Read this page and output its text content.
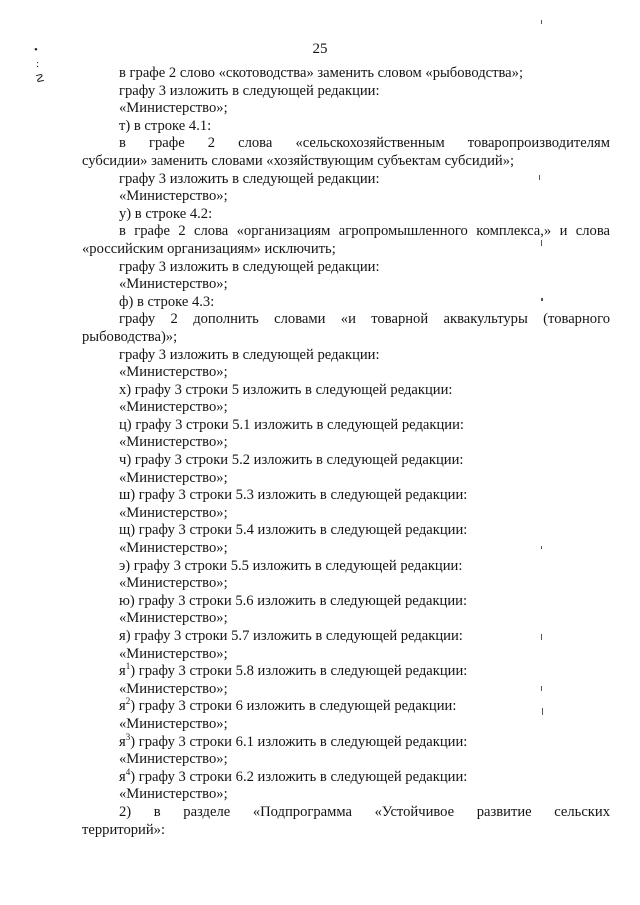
25
•
:
☡	в графе 2 слово «скотоводства» заменить словом «рыбоводства»;
графу 3 изложить в следующей редакции:
«Министерство»;
т) в строке 4.1:
в графе 2 слова «сельскохозяйственным товаропроизводителям
субсидии» заменить словами «хозяйствующим субъектам субсидий»;
графу 3 изложить в следующей редакции:
«Министерство»;
у) в строке 4.2:
в графе 2 слова «организациям агропромышленного комплекса,» и слова
«российским организациям» исключить;
графу 3 изложить в следующей редакции:
«Министерство»;
ф) в строке 4.3:
графу 2 дополнить словами «и товарной аквакультуры (товарного
рыбоводства)»;
графу 3 изложить в следующей редакции:
«Министерство»;
х) графу 3 строки 5 изложить в следующей редакции:
«Министерство»;
ц) графу 3 строки 5.1 изложить в следующей редакции:
«Министерство»;
ч) графу 3 строки 5.2 изложить в следующей редакции:
«Министерство»;
ш) графу 3 строки 5.3 изложить в следующей редакции:
«Министерство»;
щ) графу 3 строки 5.4 изложить в следующей редакции:
«Министерство»;
э) графу 3 строки 5.5 изложить в следующей редакции:
«Министерство»;
ю) графу 3 строки 5.6 изложить в следующей редакции:
«Министерство»;
я) графу 3 строки 5.7 изложить в следующей редакции:
«Министерство»;
$я^1$) графу 3 строки 5.8 изложить в следующей редакции:
«Министерство»;
$я^2$) графу 3 строки 6 изложить в следующей редакции:
«Министерство»;
$я^3$) графу 3 строки 6.1 изложить в следующей редакции:
«Министерство»;
$я^4$) графу 3 строки 6.2 изложить в следующей редакции:
«Министерство»;
2) в разделе «Подпрограмма «Устойчивое развитие сельских
территорий»:
